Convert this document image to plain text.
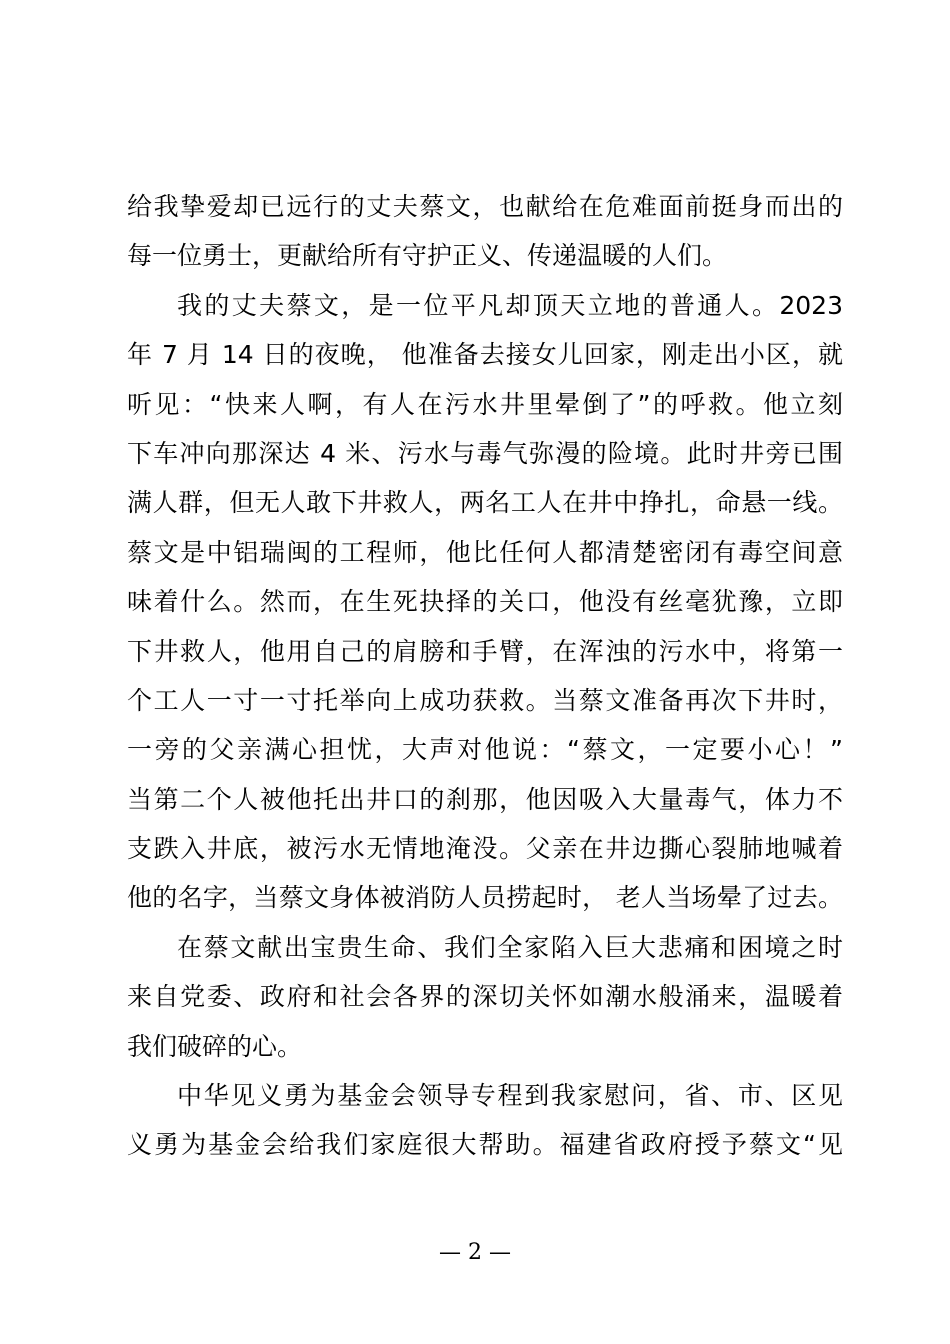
给我挚爱却已远行的丈夫蔡文，也献给在危难面前挺身而出的
每一位勇士，更献给所有守护正义、传递温暖的人们。
我的丈夫蔡文，是一位平凡却顶天立地的普通人。2023
年 7 月 14 日的夜晚， 他准备去接女儿回家，刚走出小区，就
听见：“快来人啊，有人在污水井里晕倒了”的呼救。他立刻
下车冲向那深达 4 米、污水与毒气弥漫的险境。此时井旁已围
满人群，但无人敢下井救人，两名工人在井中挣扎，命悬一线。
蔡文是中铝瑞闽的工程师，他比任何人都清楚密闭有毒空间意
味着什么。然而，在生死抉择的关口，他没有丝毫犹豫，立即
下井救人，他用自己的肩膀和手臂，在浑浊的污水中，将第一
个工人一寸一寸托举向上成功获救。当蔡文准备再次下井时，
一旁的父亲满心担忧，大声对他说：“蔡文，一定要小心！”
当第二个人被他托出井口的刹那，他因吸入大量毒气，体力不
支跌入井底，被污水无情地淹没。父亲在井边撕心裂肺地喊着
他的名字，当蔡文身体被消防人员捞起时， 老人当场晕了过去。
在蔡文献出宝贵生命、我们全家陷入巨大悲痛和困境之时
来自党委、政府和社会各界的深切关怀如潮水般涌来，温暖着
我们破碎的心。
中华见义勇为基金会领导专程到我家慰问，省、市、区见
义勇为基金会给我们家庭很大帮助。福建省政府授予蔡文“见
— 2 —
